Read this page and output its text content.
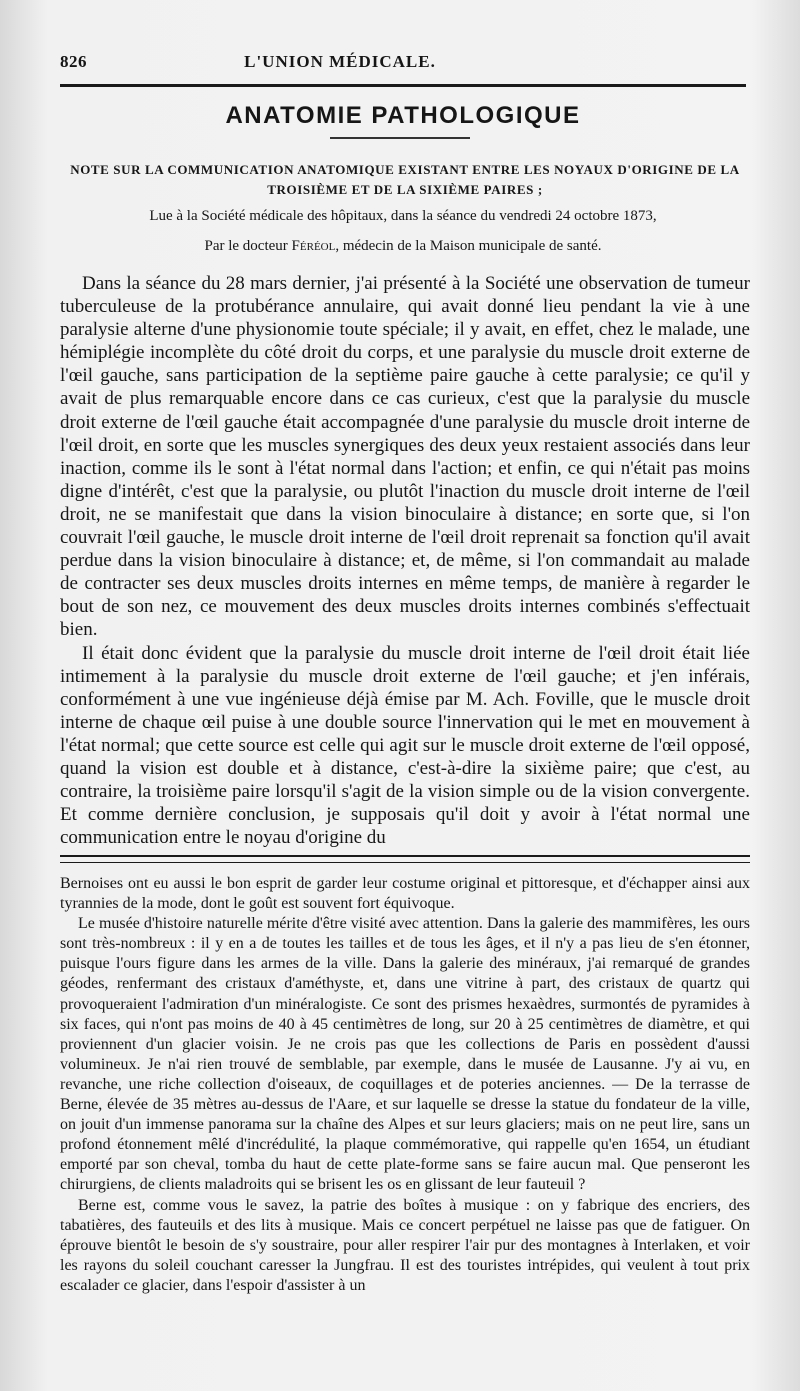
826	L'UNION MÉDICALE.
ANATOMIE PATHOLOGIQUE
NOTE SUR LA COMMUNICATION ANATOMIQUE EXISTANT ENTRE LES NOYAUX D'ORIGINE DE LA TROISIÈME ET DE LA SIXIÈME PAIRES ;
Lue à la Société médicale des hôpitaux, dans la séance du vendredi 24 octobre 1873,
Par le docteur Féréol, médecin de la Maison municipale de santé.

Dans la séance du 28 mars dernier, j'ai présenté à la Société une observation de tumeur tuberculeuse de la protubérance annulaire, qui avait donné lieu pendant la vie à une paralysie alterne d'une physionomie toute spéciale; il y avait, en effet, chez le malade, une hémiplégie incomplète du côté droit du corps, et une paralysie du muscle droit externe de l'œil gauche, sans participation de la septième paire gauche à cette paralysie; ce qu'il y avait de plus remarquable encore dans ce cas curieux, c'est que la paralysie du muscle droit externe de l'œil gauche était accompagnée d'une paralysie du muscle droit interne de l'œil droit, en sorte que les muscles synergiques des deux yeux restaient associés dans leur inaction, comme ils le sont à l'état normal dans l'action; et enfin, ce qui n'était pas moins digne d'intérêt, c'est que la paralysie, ou plutôt l'inaction du muscle droit interne de l'œil droit, ne se manifestait que dans la vision binoculaire à distance; en sorte que, si l'on couvrait l'œil gauche, le muscle droit interne de l'œil droit reprenait sa fonction qu'il avait perdue dans la vision binoculaire à distance; et, de même, si l'on commandait au malade de contracter ses deux muscles droits internes en même temps, de manière à regarder le bout de son nez, ce mouvement des deux muscles droits internes combinés s'effectuait bien.

Il était donc évident que la paralysie du muscle droit interne de l'œil droit était liée intimement à la paralysie du muscle droit externe de l'œil gauche; et j'en inférais, conformément à une vue ingénieuse déjà émise par M. Ach. Foville, que le muscle droit interne de chaque œil puise à une double source l'innervation qui le met en mouvement à l'état normal; que cette source est celle qui agit sur le muscle droit externe de l'œil opposé, quand la vision est double et à distance, c'est-à-dire la sixième paire; que c'est, au contraire, la troisième paire lorsqu'il s'agit de la vision simple ou de la vision convergente. Et comme dernière conclusion, je supposais qu'il doit y avoir à l'état normal une communication entre le noyau d'origine du

Bernoises ont eu aussi le bon esprit de garder leur costume original et pittoresque, et d'échapper ainsi aux tyrannies de la mode, dont le goût est souvent fort équivoque.

Le musée d'histoire naturelle mérite d'être visité avec attention. Dans la galerie des mammifères, les ours sont très-nombreux : il y en a de toutes les tailles et de tous les âges, et il n'y a pas lieu de s'en étonner, puisque l'ours figure dans les armes de la ville. Dans la galerie des minéraux, j'ai remarqué de grandes géodes, renfermant des cristaux d'améthyste, et, dans une vitrine à part, des cristaux de quartz qui provoqueraient l'admiration d'un minéralogiste. Ce sont des prismes hexaèdres, surmontés de pyramides à six faces, qui n'ont pas moins de 40 à 45 centimètres de long, sur 20 à 25 centimètres de diamètre, et qui proviennent d'un glacier voisin. Je ne crois pas que les collections de Paris en possèdent d'aussi volumineux. Je n'ai rien trouvé de semblable, par exemple, dans le musée de Lausanne. J'y ai vu, en revanche, une riche collection d'oiseaux, de coquillages et de poteries anciennes. — De la terrasse de Berne, élevée de 35 mètres au-dessus de l'Aare, et sur laquelle se dresse la statue du fondateur de la ville, on jouit d'un immense panorama sur la chaîne des Alpes et sur leurs glaciers; mais on ne peut lire, sans un profond étonnement mêlé d'incrédulité, la plaque commémorative, qui rappelle qu'en 1654, un étudiant emporté par son cheval, tomba du haut de cette plate-forme sans se faire aucun mal. Que penseront les chirurgiens, de clients maladroits qui se brisent les os en glissant de leur fauteuil ?

Berne est, comme vous le savez, la patrie des boîtes à musique : on y fabrique des encriers, des tabatières, des fauteuils et des lits à musique. Mais ce concert perpétuel ne laisse pas que de fatiguer. On éprouve bientôt le besoin de s'y soustraire, pour aller respirer l'air pur des montagnes à Interlaken, et voir les rayons du soleil couchant caresser la Jungfrau. Il est des touristes intrépides, qui veulent à tout prix escalader ce glacier, dans l'espoir d'assister à un
